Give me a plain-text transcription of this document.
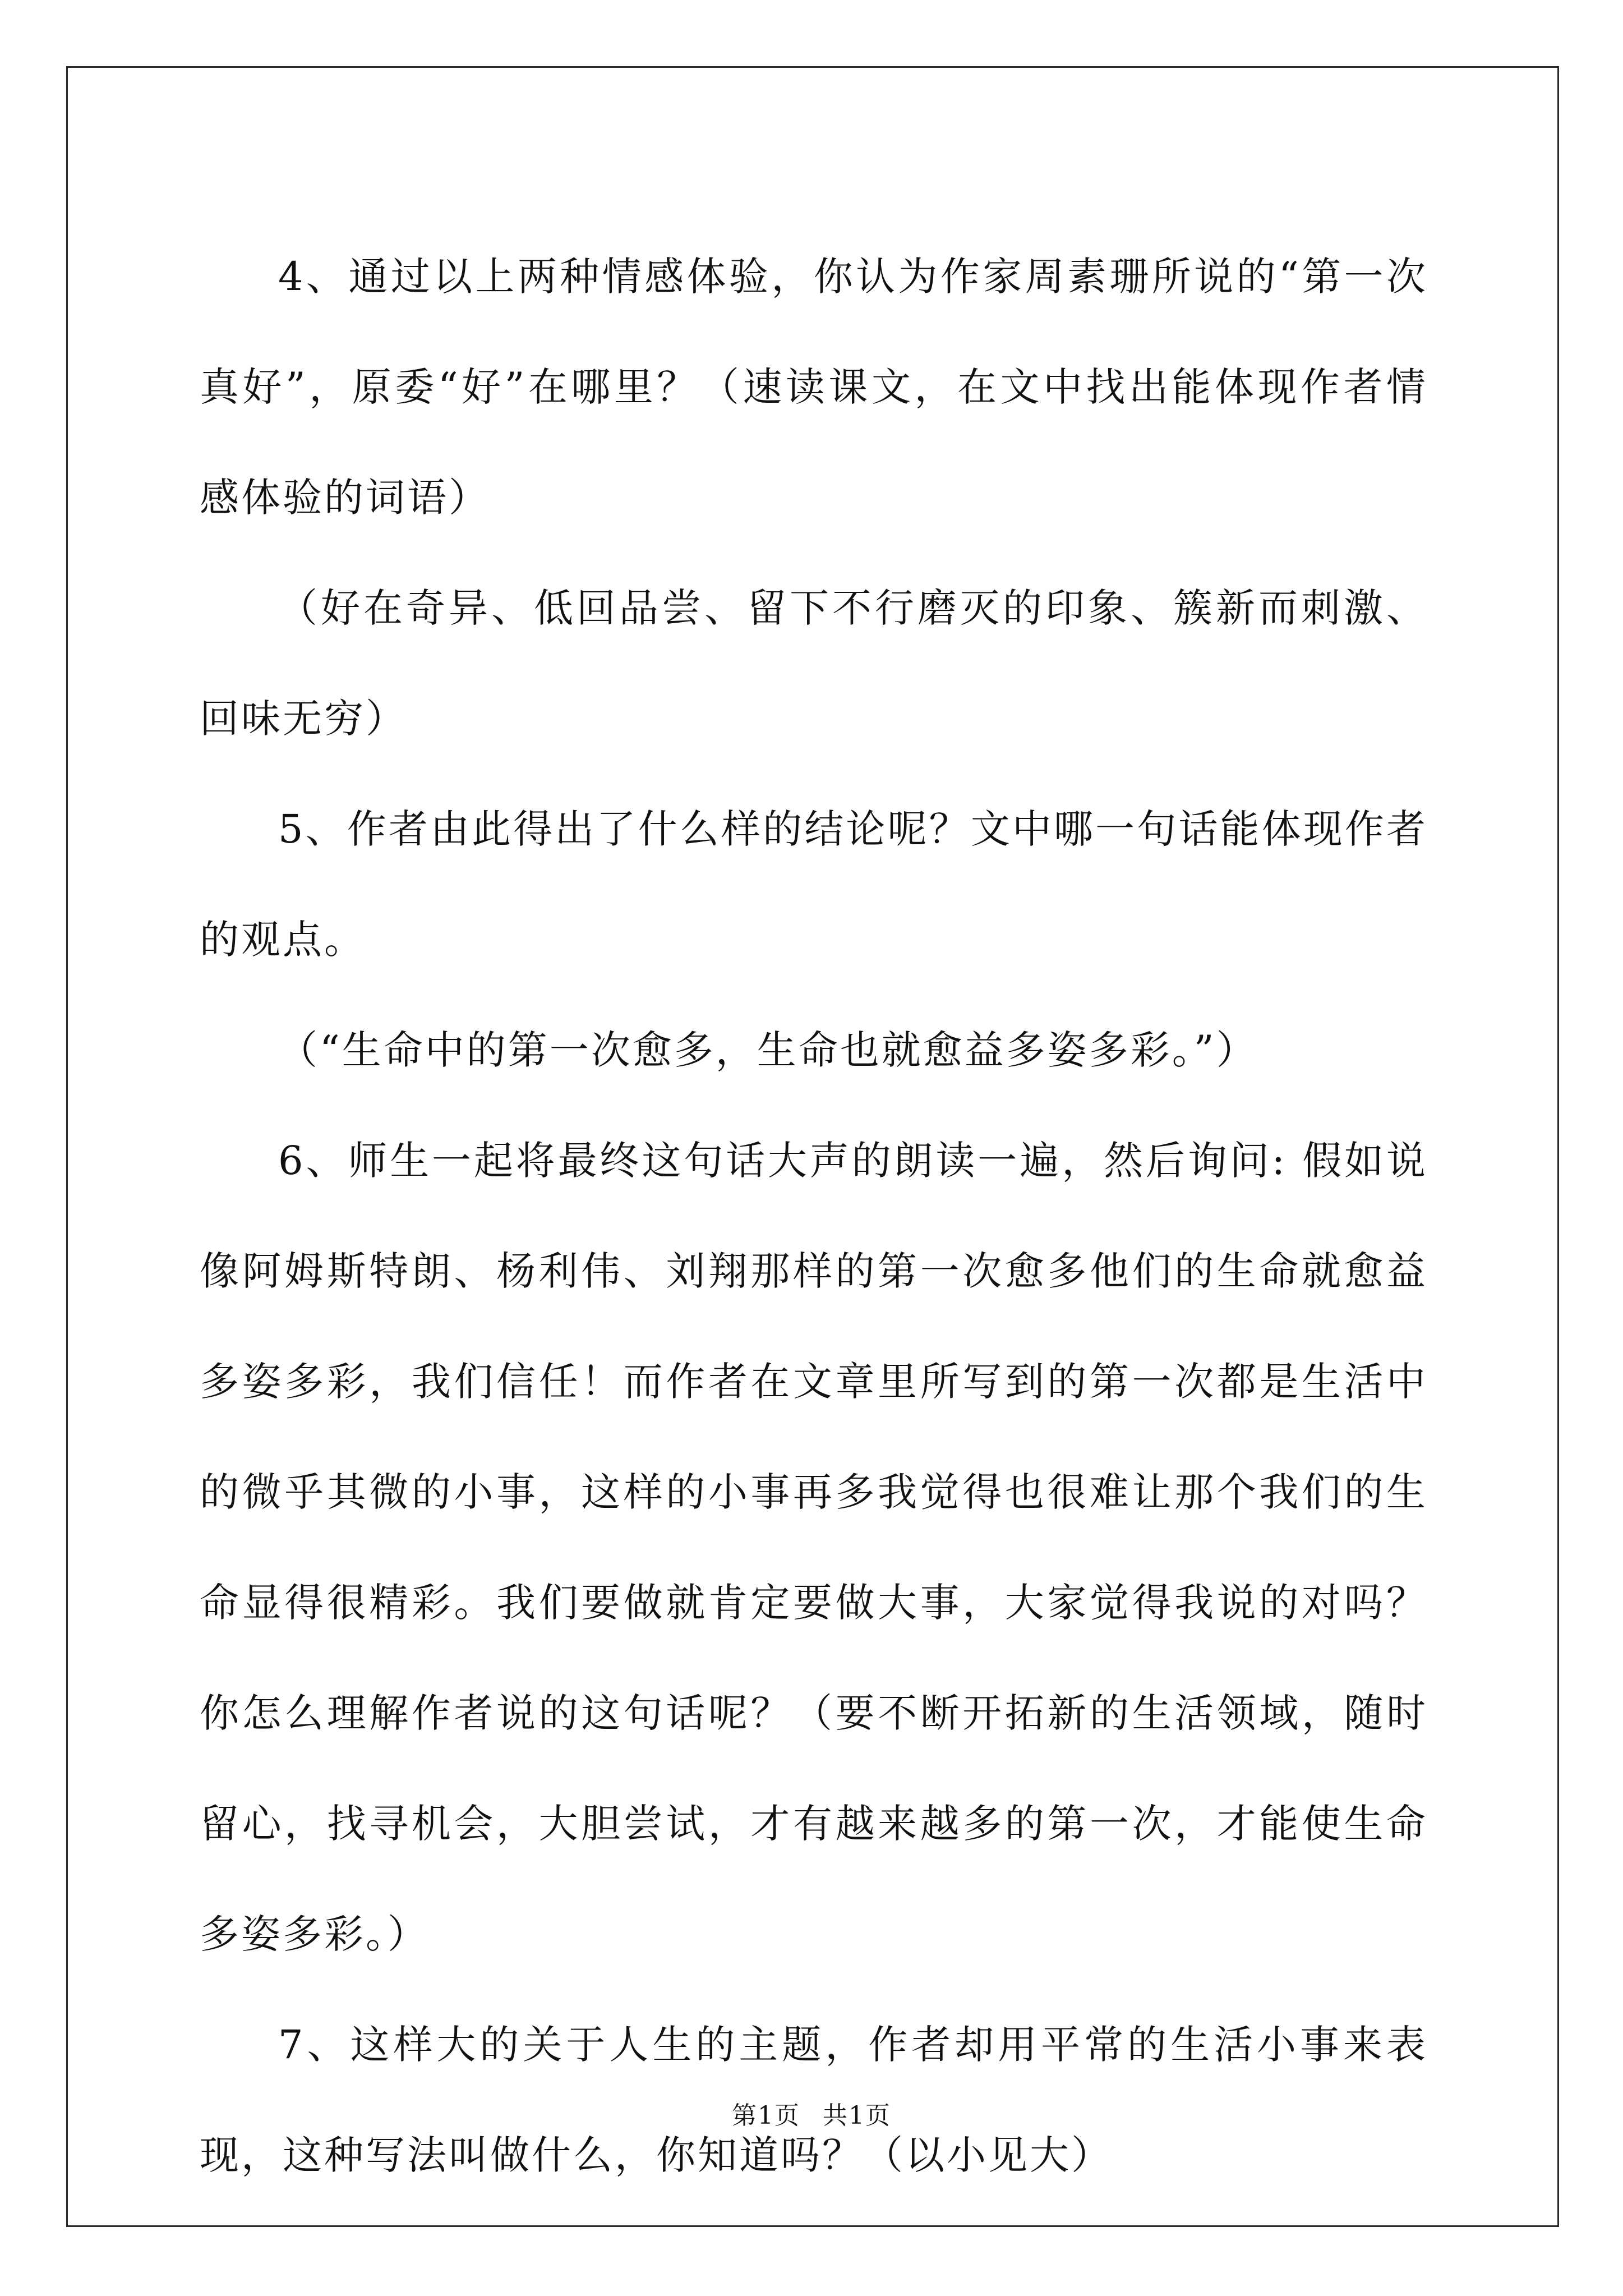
4、通过以上两种情感体验，你认为作家周素珊所说的“第一次真好”，原委“好”在哪里？（速读课文，在文中找出能体现作者情感体验的词语）

（好在奇异、低回品尝、留下不行磨灭的印象、簇新而刺激、回味无穷）

5、作者由此得出了什么样的结论呢？文中哪一句话能体现作者的观点。

（“生命中的第一次愈多，生命也就愈益多姿多彩。”）

6、师生一起将最终这句话大声的朗读一遍，然后询问: 假如说像阿姆斯特朗、杨利伟、刘翔那样的第一次愈多他们的生命就愈益多姿多彩，我们信任！而作者在文章里所写到的第一次都是生活中的微乎其微的小事，这样的小事再多我觉得也很难让那个我们的生命显得很精彩。我们要做就肯定要做大事，大家觉得我说的对吗？你怎么理解作者说的这句话呢？（要不断开拓新的生活领域，随时留心，找寻机会，大胆尝试，才有越来越多的第一次，才能使生命多姿多彩。）

7、这样大的关于人生的主题，作者却用平常的生活小事来表现，这种写法叫做什么，你知道吗？（以小见大）

第1页 共1页
